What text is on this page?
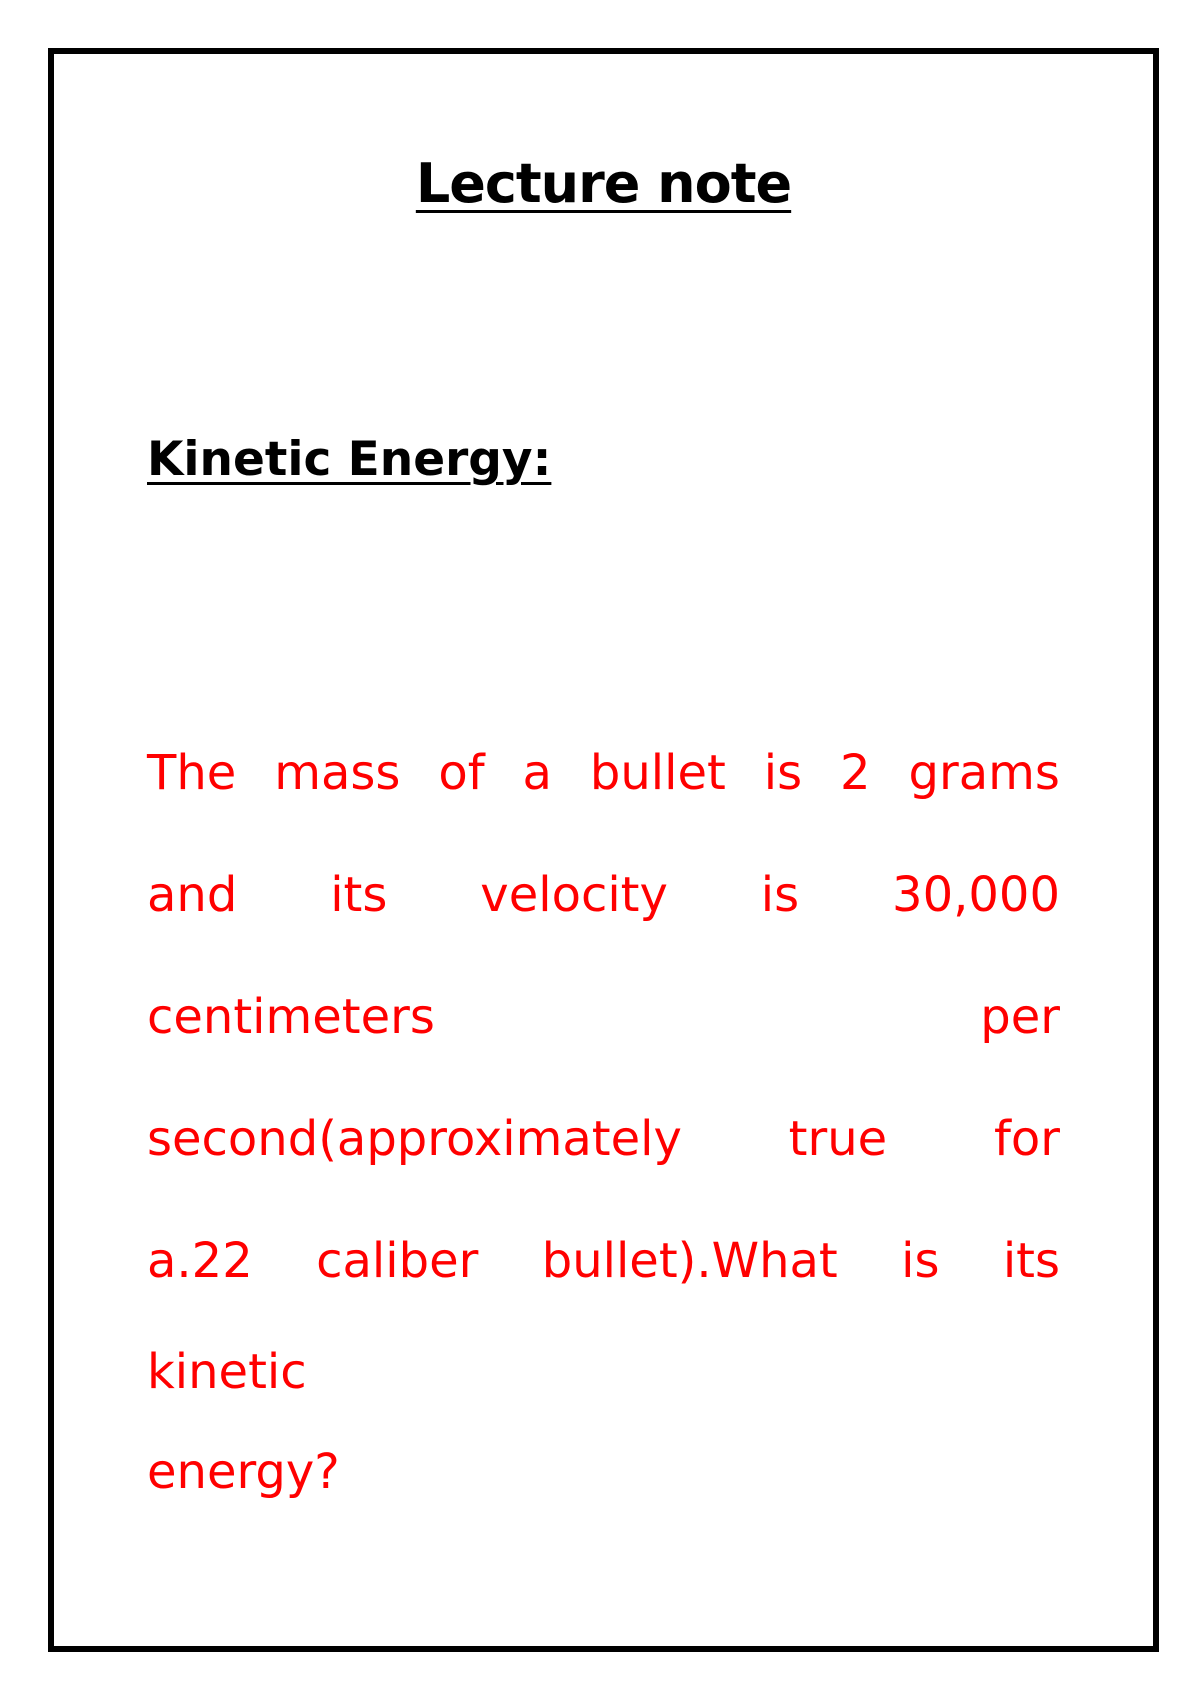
Lecture note
Kinetic Energy:
The mass of a bullet is 2 grams
and its velocity is 30,000
centimeters	per
second(approximately true for
a.22 caliber bullet).What is its
kinetic
energy?
